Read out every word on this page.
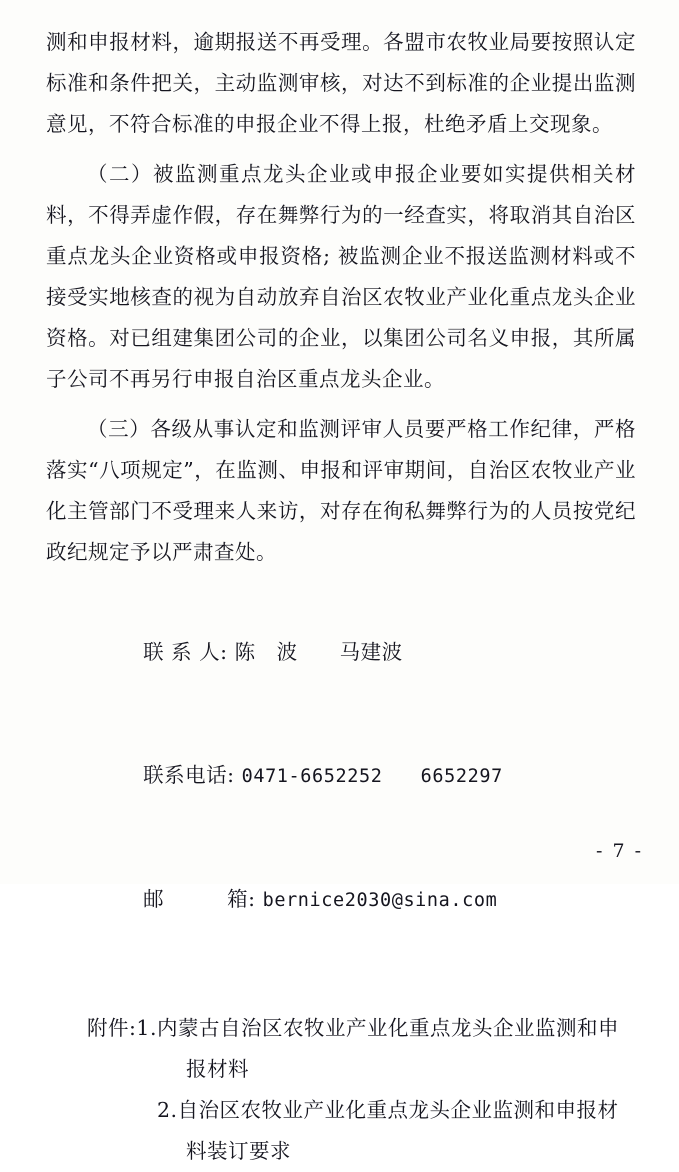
测和申报材料，逾期报送不再受理。各盟市农牧业局要按照认定标准和条件把关，主动监测审核，对达不到标准的企业提出监测意见，不符合标准的申报企业不得上报，杜绝矛盾上交现象。

（二）被监测重点龙头企业或申报企业要如实提供相关材料，不得弄虚作假，存在舞弊行为的一经查实，将取消其自治区重点龙头企业资格或申报资格; 被监测企业不报送监测材料或不接受实地核查的视为自动放弃自治区农牧业产业化重点龙头企业资格。对已组建集团公司的企业，以集团公司名义申报，其所属子公司不再另行申报自治区重点龙头企业。

（三）各级从事认定和监测评审人员要严格工作纪律，严格落实“八项规定”，在监测、申报和评审期间，自治区农牧业产业化主管部门不受理来人来访，对存在徇私舞弊行为的人员按党纪政纪规定予以严肃查处。

联 系 人: 陈　波　　马建波

联系电话: 0471-6652252　　6652297

邮　　　箱: bernice2030@sina.com

附件:1.内蒙古自治区农牧业产业化重点龙头企业监测和申
报材料
2.自治区农牧业产业化重点龙头企业监测和申报材
料装订要求
- 7 -
